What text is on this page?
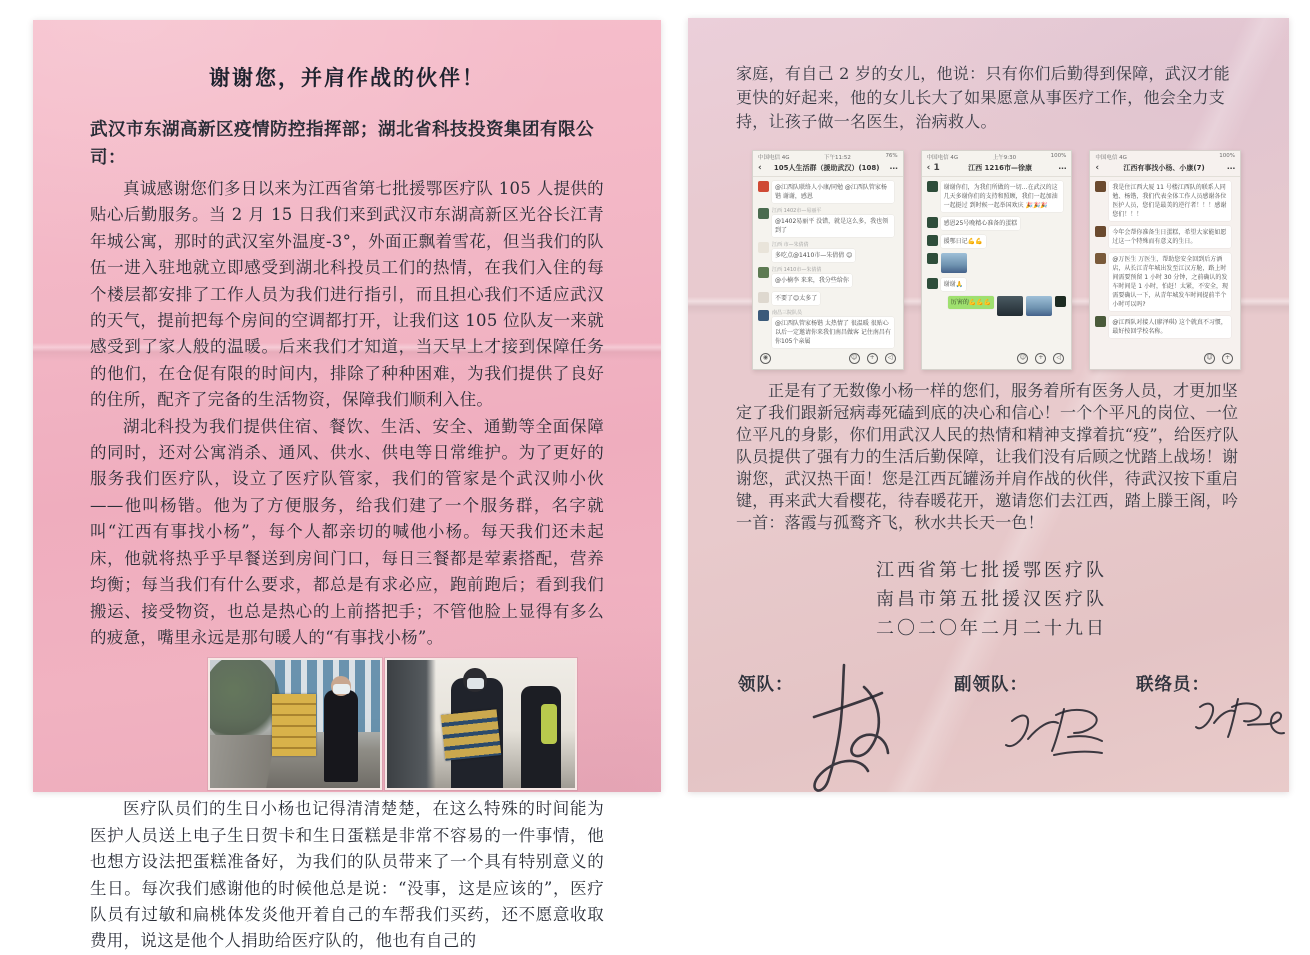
谢谢您，并肩作战的伙伴！

武汉市东湖高新区疫情防控指挥部；湖北省科技投资集团有限公司：

真诚感谢您们多日以来为江西省第七批援鄂医疗队 105 人提供的贴心后勤服务。当 2 月 15 日我们来到武汉市东湖高新区光谷长江青年城公寓，那时的武汉室外温度-3°，外面正飘着雪花，但当我们的队伍一进入驻地就立即感受到湖北科投员工们的热情，在我们入住的每个楼层都安排了工作人员为我们进行指引，而且担心我们不适应武汉的天气，提前把每个房间的空调都打开，让我们这 105 位队友一来就感受到了家人般的温暖。后来我们才知道，当天早上才接到保障任务的他们，在仓促有限的时间内，排除了种种困难，为我们提供了良好的住所，配齐了完备的生活物资，保障我们顺利入住。

湖北科投为我们提供住宿、餐饮、生活、安全、通勤等全面保障的同时，还对公寓消杀、通风、供水、供电等日常维护。为了更好的服务我们医疗队，设立了医疗队管家，我们的管家是个武汉帅小伙——他叫杨锴。他为了方便服务，给我们建了一个服务群，名字就叫“江西有事找小杨”，每个人都亲切的喊他小杨。每天我们还未起床，他就将热乎乎早餐送到房间门口，每日三餐都是荤素搭配，营养均衡；每当我们有什么要求，都总是有求必应，跑前跑后；看到我们搬运、接受物资，也总是热心的上前搭把手；不管他脸上显得有多么的疲惫，嘴里永远是那句暖人的“有事找小杨”。

医疗队员们的生日小杨也记得清清楚楚，在这么特殊的时间能为医护人员送上电子生日贺卡和生日蛋糕是非常不容易的一件事情，他也想方设法把蛋糕准备好，为我们的队员带来了一个具有特别意义的生日。每次我们感谢他的时候他总是说：“没事，这是应该的”，医疗队员有过敏和扁桃体发炎他开着自己的车帮我们买药，还不愿意收取费用，说这是他个人捐助给医疗队的，他也有自己的

家庭，有自己 2 岁的女儿，他说：只有你们后勤得到保障，武汉才能更快的好起来，他的女儿长大了如果愿意从事医疗工作，他会全力支持，让孩子做一名医生，治病救人。

中国电信 4G	下午11:52	76%
‹	105人生活群（援助武汉）(108)	⋯
@江西队联络人小康/同勉 @江西队管家杨锴 谢谢，感恩
江西 1402市—易丽平
@1402易丽平 没错，就是这么多，我也领到了
江西 市—朱倩倩
多吃点@1410市—朱倩倩 😊
江西 1410市—朱倩倩
@小楠李 来来，我分些给你
不要了😊太多了
南昌三院队员
@江西队管家杨锴 太热情了 很温暖 很贴心 以后一定邀请你来我们南昌做客 记住南昌有你105个亲属
◉	☺	+	◁
中国电信 4G	上午9:30	100%
‹ 1	江西 1216市—徐康	⋯
谢谢你们，为我们所做的一切…在武汉的这几天多谢你们的支持和照顾，我们一起加油一起挺过 到时候一起举国欢庆 🎉🎉🎉
感恩25号晚精心准备的蛋糕
援鄂日记💪💪
谢谢🙏
厉害的💪💪💪
☺	+	◁
中国电信 4G	100%
‹	江西有事找小杨、小康(7)	⋯
我是住江西大厦 11 号楼江西队的联系人同勉、杨锴，我们代表全体工作人员感谢各位医护人员，您们是最美的逆行者！！！感谢您们！！！
今年会帮你准备生日蛋糕，希望大家能如愿过这一个特殊而有意义的生日。
@万医生 万医生，帮助您安全回到后方酒店，从长江青年城出发至江汉方舱，路上时间需要预留 1 小时 30 分钟，之前确认的发车时间是 1 小时，怕赶！太紧，不安全，现需要确认一下，从青年城发车时间提前半个小时可以吗?
@江西队对接人(廖泽琪) 这个就真不习惯，最好按回学校名称。
☺	+

正是有了无数像小杨一样的您们，服务着所有医务人员，才更加坚定了我们跟新冠病毒死磕到底的决心和信心！一个个平凡的岗位、一位位平凡的身影，你们用武汉人民的热情和精神支撑着抗“疫”，给医疗队队员提供了强有力的生活后勤保障，让我们没有后顾之忧踏上战场！谢谢您，武汉热干面！您是江西瓦罐汤并肩作战的伙伴，待武汉按下重启键，再来武大看樱花，待春暖花开，邀请您们去江西，踏上滕王阁，吟一首：落霞与孤鹜齐飞，秋水共长天一色！

江西省第七批援鄂医疗队
南昌市第五批援汉医疗队
二〇二〇年二月二十九日
领队：	副领队：	联络员：
